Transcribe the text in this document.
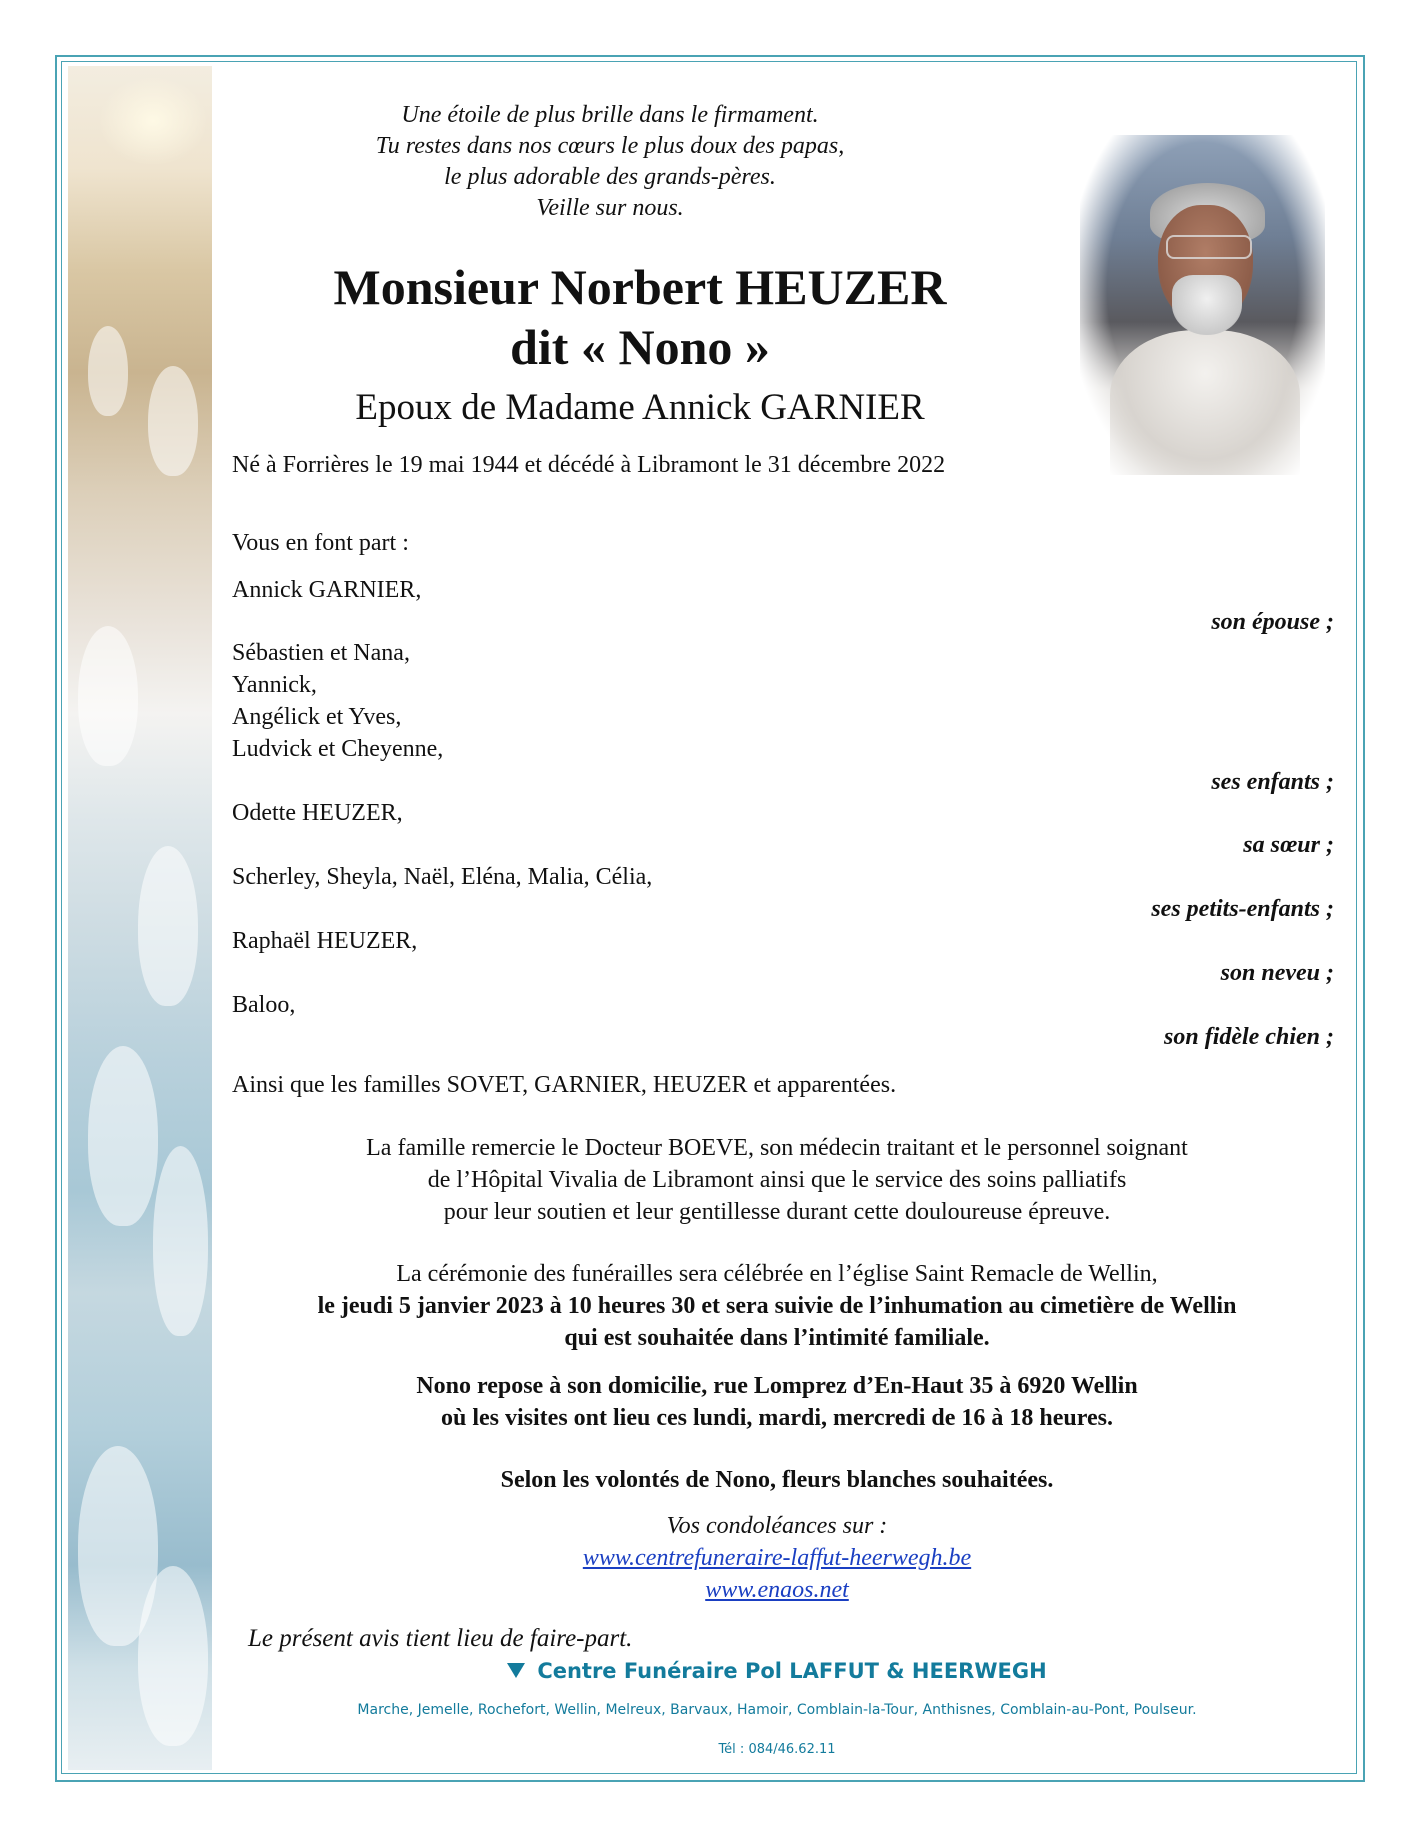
Une étoile de plus brille dans le firmament.
Tu restes dans nos cœurs le plus doux des papas,
le plus adorable des grands-pères.
Veille sur nous.
Monsieur Norbert HEUZER
dit « Nono »
Epoux de Madame Annick GARNIER
Né à Forrières le 19 mai 1944 et décédé à Libramont le 31 décembre 2022
Vous en font part :
Annick GARNIER,
son épouse ;
Sébastien et Nana,
Yannick,
Angélick et Yves,
Ludvick et Cheyenne,
ses enfants ;
Odette HEUZER,
sa sœur ;
Scherley, Sheyla, Naël, Eléna, Malia, Célia,
ses petits-enfants ;
Raphaël HEUZER,
son neveu ;
Baloo,
son fidèle chien ;
Ainsi que les familles SOVET, GARNIER, HEUZER et apparentées.
La famille remercie le Docteur BOEVE, son médecin traitant et le personnel soignant
de l’Hôpital Vivalia de Libramont ainsi que le service des soins palliatifs
pour leur soutien et leur gentillesse durant cette douloureuse épreuve.
La cérémonie des funérailles sera célébrée en l’église Saint Remacle de Wellin,
le jeudi 5 janvier 2023 à 10 heures 30 et sera suivie de l’inhumation au cimetière de Wellin
qui est souhaitée dans l’intimité familiale.
Nono repose à son domicilie, rue Lomprez d’En-Haut 35 à 6920 Wellin
où les visites ont lieu ces lundi, mardi, mercredi de 16 à 18 heures.
Selon les volontés de Nono, fleurs blanches souhaitées.
Vos condoléances sur :
www.centrefuneraire-laffut-heerwegh.be
www.enaos.net
Le présent avis tient lieu de faire-part.
Centre Funéraire Pol LAFFUT & HEERWEGH
Marche, Jemelle, Rochefort, Wellin, Melreux, Barvaux, Hamoir, Comblain-la-Tour, Anthisnes, Comblain-au-Pont, Poulseur.
Tél : 084/46.62.11
